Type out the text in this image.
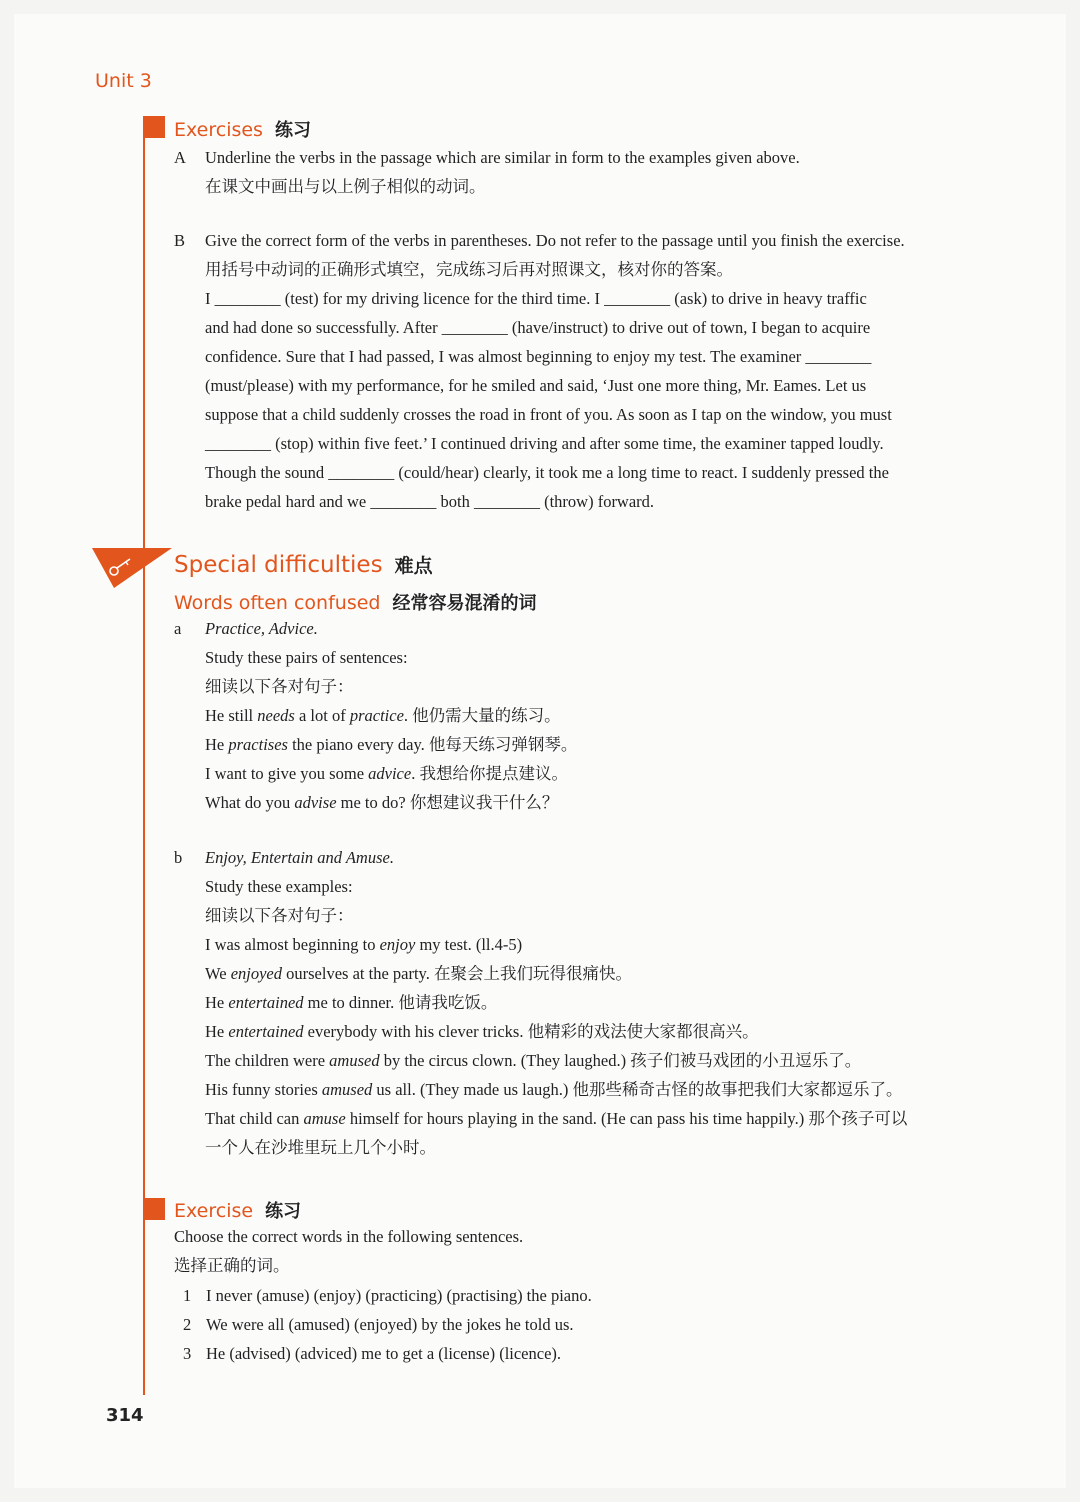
Unit 3
Exercises 练习
A Underline the verbs in the passage which are similar in form to the examples given above.
在课文中画出与以上例子相似的动词。
B Give the correct form of the verbs in parentheses. Do not refer to the passage until you finish the exercise.
用括号中动词的正确形式填空，完成练习后再对照课文，核对你的答案。
I ________ (test) for my driving licence for the third time. I ________ (ask) to drive in heavy traffic
and had done so successfully. After ________ (have/instruct) to drive out of town, I began to acquire
confidence. Sure that I had passed, I was almost beginning to enjoy my test. The examiner ________
(must/please) with my performance, for he smiled and said, ‘Just one more thing, Mr. Eames. Let us
suppose that a child suddenly crosses the road in front of you. As soon as I tap on the window, you must
________ (stop) within five feet.’ I continued driving and after some time, the examiner tapped loudly.
Though the sound ________ (could/hear) clearly, it took me a long time to react. I suddenly pressed the
brake pedal hard and we ________ both ________ (throw) forward.
Special difficulties 难点
Words often confused 经常容易混淆的词
a Practice, Advice.
Study these pairs of sentences:
细读以下各对句子：
He still needs a lot of practice. 他仍需大量的练习。
He practises the piano every day. 他每天练习弹钢琴。
I want to give you some advice. 我想给你提点建议。
What do you advise me to do? 你想建议我干什么？
b Enjoy, Entertain and Amuse.
Study these examples:
细读以下各对句子：
I was almost beginning to enjoy my test. (ll.4-5)
We enjoyed ourselves at the party. 在聚会上我们玩得很痛快。
He entertained me to dinner. 他请我吃饭。
He entertained everybody with his clever tricks. 他精彩的戏法使大家都很高兴。
The children were amused by the circus clown. (They laughed.) 孩子们被马戏团的小丑逗乐了。
His funny stories amused us all. (They made us laugh.) 他那些稀奇古怪的故事把我们大家都逗乐了。
That child can amuse himself for hours playing in the sand. (He can pass his time happily.) 那个孩子可以
一个人在沙堆里玩上几个小时。
Exercise 练习
Choose the correct words in the following sentences.
选择正确的词。
1 I never (amuse) (enjoy) (practicing) (practising) the piano.
2 We were all (amused) (enjoyed) by the jokes he told us.
3 He (advised) (adviced) me to get a (license) (licence).
314
